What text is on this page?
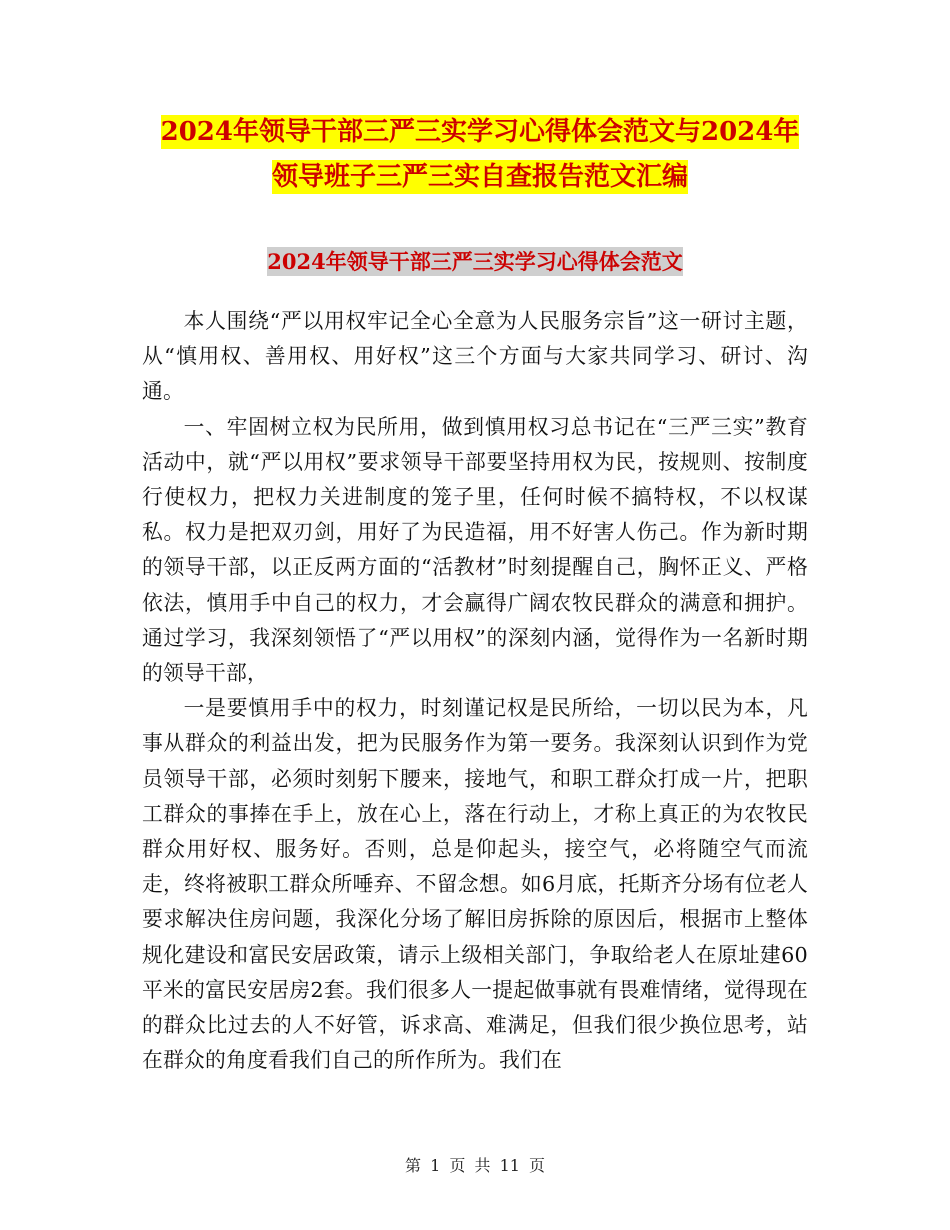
2024年领导干部三严三实学习心得体会范文与2024年
领导班子三严三实自查报告范文汇编
2024年领导干部三严三实学习心得体会范文

本人围绕“严以用权牢记全心全意为人民服务宗旨”这一研讨主题，从“慎用权、善用权、用好权”这三个方面与大家共同学习、研讨、沟通。

一、牢固树立权为民所用，做到慎用权习总书记在“三严三实”教育活动中，就“严以用权”要求领导干部要坚持用权为民，按规则、按制度行使权力，把权力关进制度的笼子里，任何时候不搞特权，不以权谋私。权力是把双刃剑，用好了为民造福，用不好害人伤己。作为新时期的领导干部，以正反两方面的“活教材”时刻提醒自己，胸怀正义、严格依法，慎用手中自己的权力，才会赢得广阔农牧民群众的满意和拥护。通过学习，我深刻领悟了“严以用权”的深刻内涵，觉得作为一名新时期的领导干部，

一是要慎用手中的权力，时刻谨记权是民所给，一切以民为本，凡事从群众的利益出发，把为民服务作为第一要务。我深刻认识到作为党员领导干部，必须时刻躬下腰来，接地气，和职工群众打成一片，把职工群众的事捧在手上，放在心上，落在行动上，才称上真正的为农牧民群众用好权、服务好。否则，总是仰起头，接空气，必将随空气而流走，终将被职工群众所唾弃、不留念想。如6月底，托斯齐分场有位老人要求解决住房问题，我深化分场了解旧房拆除的原因后，根据市上整体规化建设和富民安居政策，请示上级相关部门，争取给老人在原址建60平米的富民安居房2套。我们很多人一提起做事就有畏难情绪，觉得现在的群众比过去的人不好管，诉求高、难满足，但我们很少换位思考，站在群众的角度看我们自己的所作所为。我们在

第 1 页 共 11 页
